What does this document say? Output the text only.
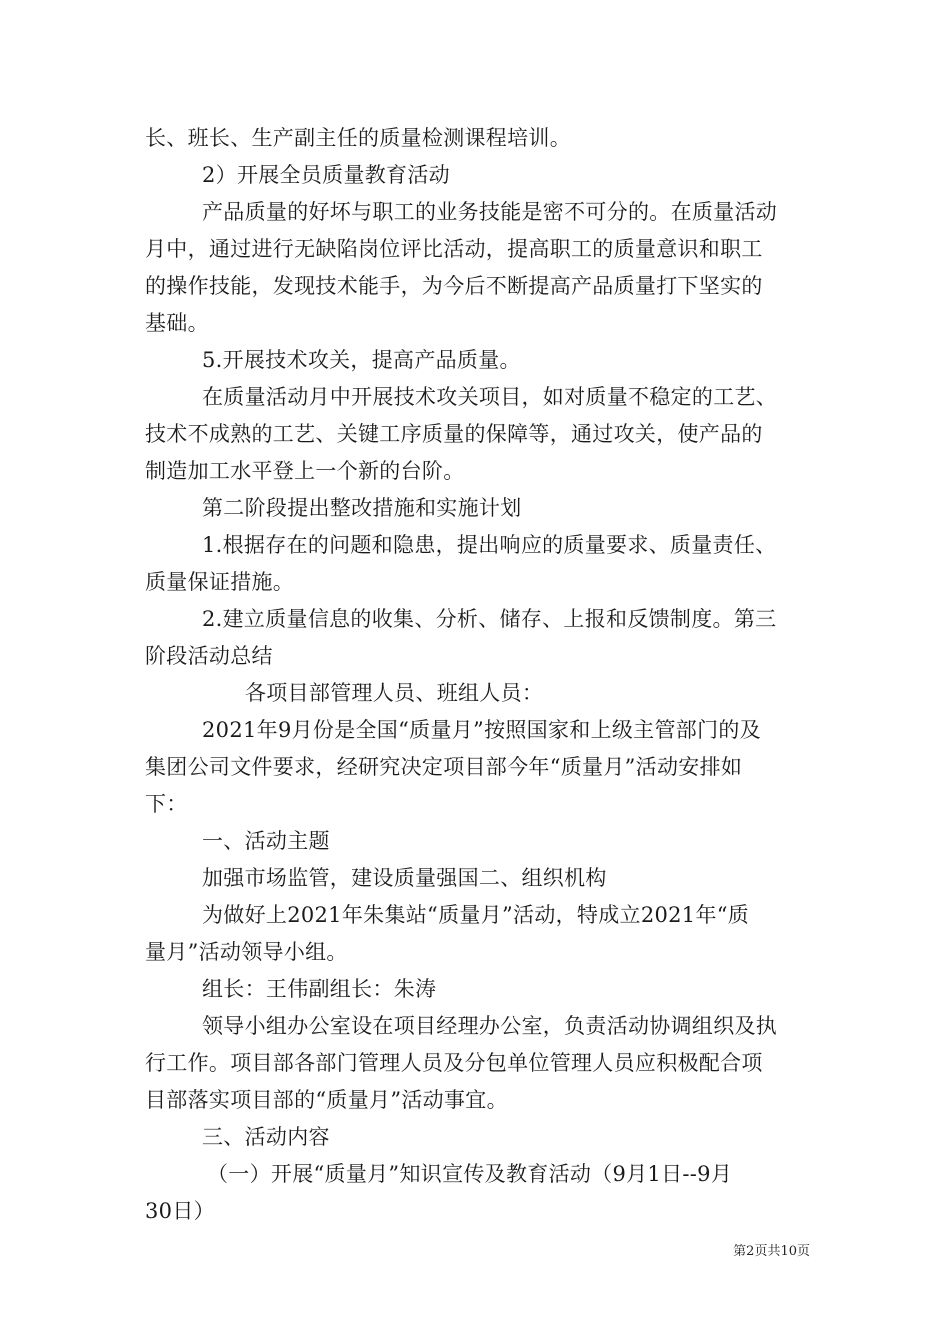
长、班长、生产副主任的质量检测课程培训。
2）开展全员质量教育活动
产品质量的好坏与职工的业务技能是密不可分的。在质量活动
月中，通过进行无缺陷岗位评比活动，提高职工的质量意识和职工
的操作技能，发现技术能手，为今后不断提高产品质量打下坚实的
基础。
5.开展技术攻关，提高产品质量。
在质量活动月中开展技术攻关项目，如对质量不稳定的工艺、
技术不成熟的工艺、关键工序质量的保障等，通过攻关，使产品的
制造加工水平登上一个新的台阶。
第二阶段提出整改措施和实施计划
1.根据存在的问题和隐患，提出响应的质量要求、质量责任、
质量保证措施。
2.建立质量信息的收集、分析、储存、上报和反馈制度。第三
阶段活动总结
各项目部管理人员、班组人员：
2021年9月份是全国“质量月”按照国家和上级主管部门的及
集团公司文件要求，经研究决定项目部今年“质量月”活动安排如
下：
一、活动主题
加强市场监管，建设质量强国二、组织机构
为做好上2021年朱集站“质量月”活动，特成立2021年“质
量月”活动领导小组。
组长：王伟副组长：朱涛
领导小组办公室设在项目经理办公室，负责活动协调组织及执
行工作。项目部各部门管理人员及分包单位管理人员应积极配合项
目部落实项目部的“质量月”活动事宜。
三、活动内容
（一）开展“质量月”知识宣传及教育活动（9月1日--9月
30日）
第2页共10页
